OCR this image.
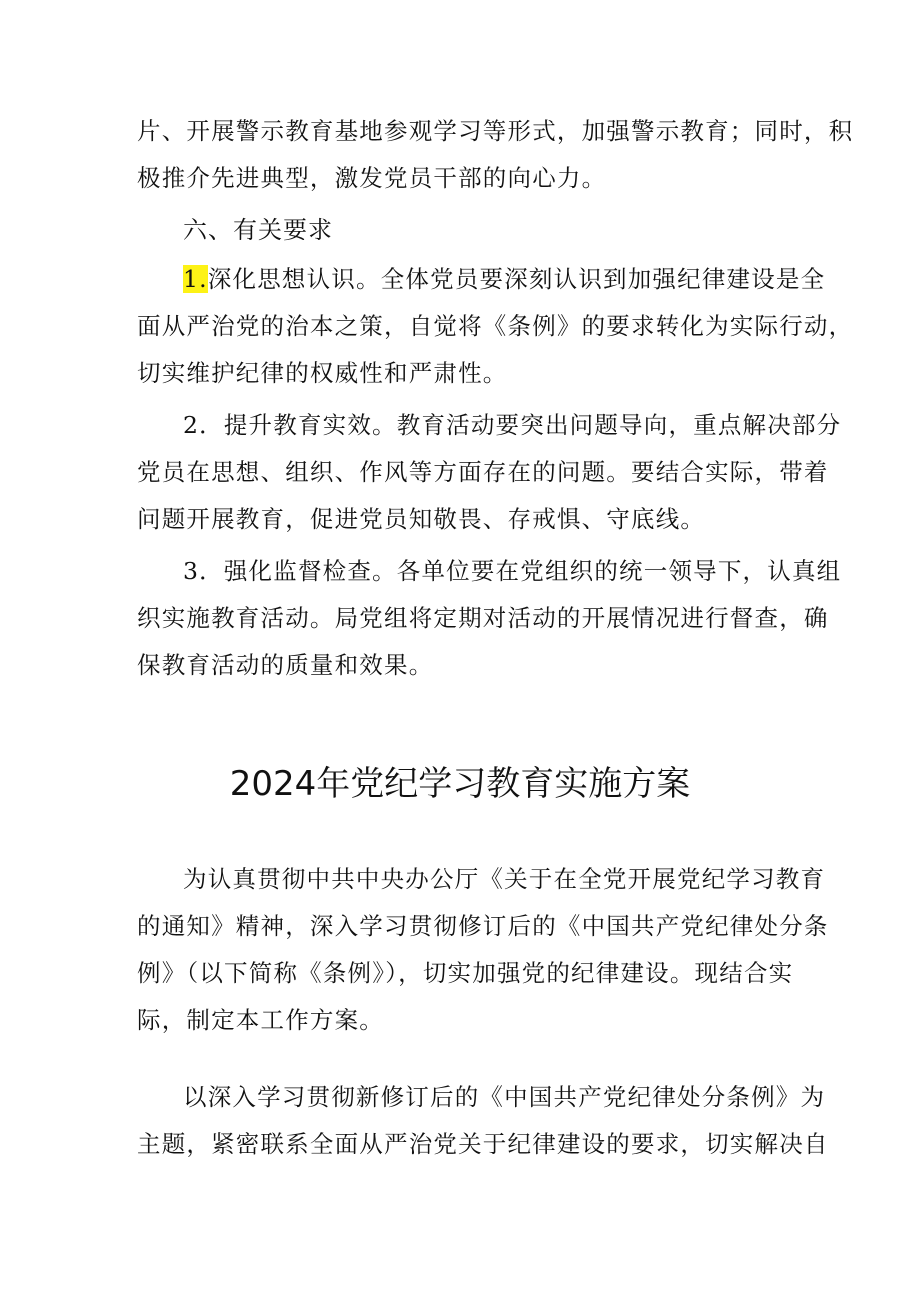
片、开展警示教育基地参观学习等形式，加强警示教育；同时，积
极推介先进典型，激发党员干部的向心力。

六、有关要求

1.深化思想认识。全体党员要深刻认识到加强纪律建设是全
面从严治党的治本之策，自觉将《条例》的要求转化为实际行动，
切实维护纪律的权威性和严肃性。

2．提升教育实效。教育活动要突出问题导向，重点解决部分
党员在思想、组织、作风等方面存在的问题。要结合实际，带着
问题开展教育，促进党员知敬畏、存戒惧、守底线。

3．强化监督检查。各单位要在党组织的统一领导下，认真组
织实施教育活动。局党组将定期对活动的开展情况进行督查，确
保教育活动的质量和效果。

2024年党纪学习教育实施方案

为认真贯彻中共中央办公厅《关于在全党开展党纪学习教育
的通知》精神，深入学习贯彻修订后的《中国共产党纪律处分条
例》（以下简称《条例》），切实加强党的纪律建设。现结合实
际，制定本工作方案。

以深入学习贯彻新修订后的《中国共产党纪律处分条例》为
主题，紧密联系全面从严治党关于纪律建设的要求，切实解决自
